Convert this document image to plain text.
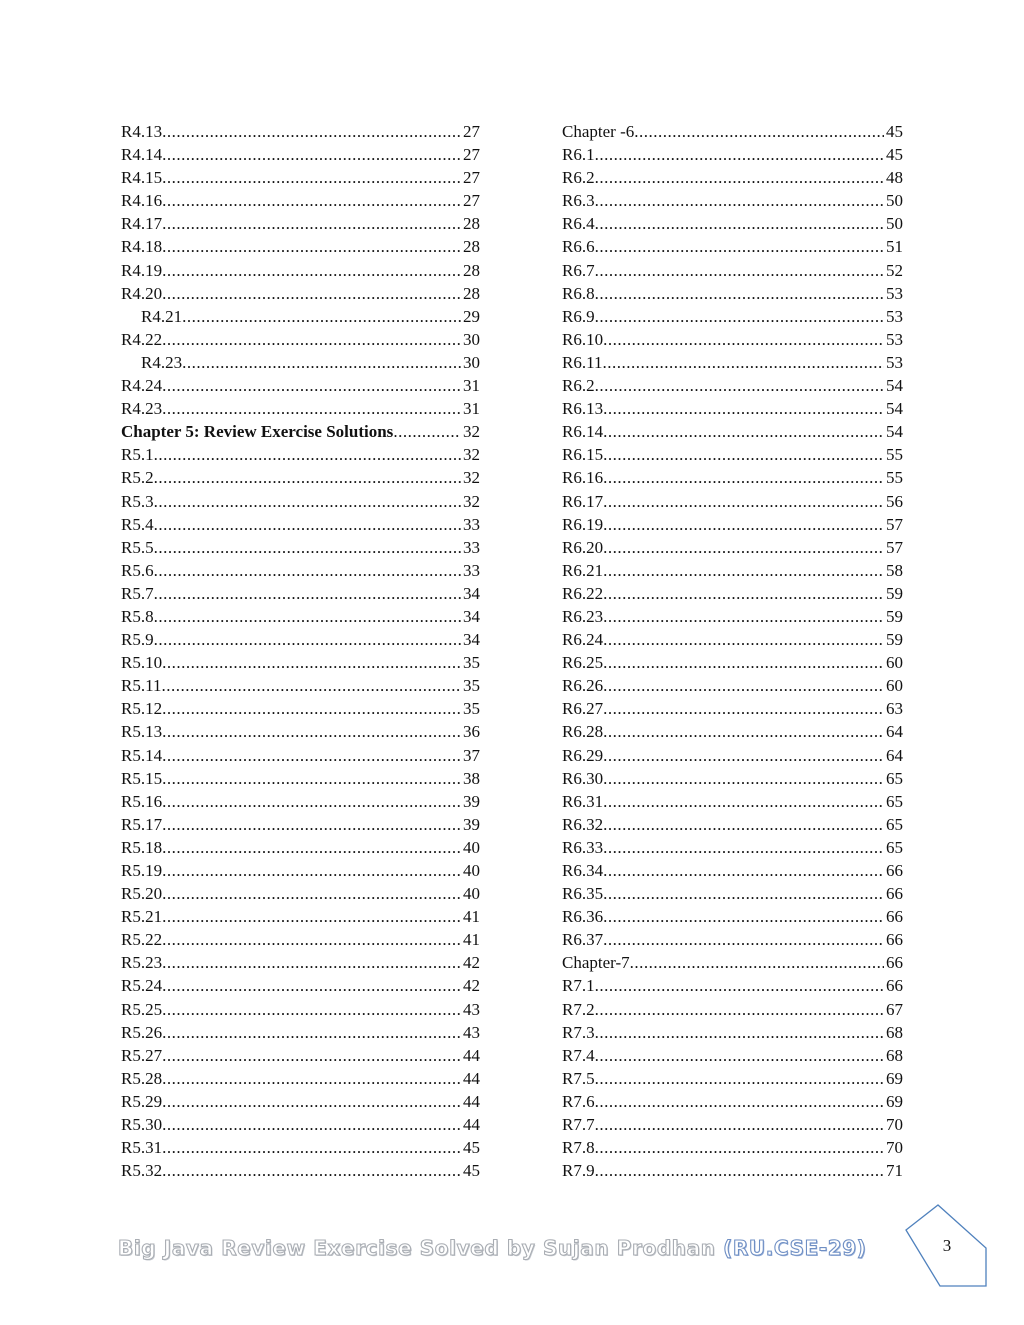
R4.13 .....	27
R4.14 .....	27
R4.15 .....	27
R4.16 .....	27
R4.17 .....	28
R4.18 .....	28
R4.19 .....	28
R4.20 .....	28
R4.21 .....	29
R4.22 .....	30
R4.23 .....	30
R4.24 .....	31
R4.23 .....	31
Chapter 5: Review Exercise Solutions .....	32
R5.1 .....	32
R5.2 .....	32
R5.3 .....	32
R5.4 .....	33
R5.5 .....	33
R5.6 .....	33
R5.7 .....	34
R5.8 .....	34
R5.9 .....	34
R5.10 .....	35
R5.11 .....	35
R5.12 .....	35
R5.13 .....	36
R5.14 .....	37
R5.15 .....	38
R5.16 .....	39
R5.17 .....	39
R5.18 .....	40
R5.19 .....	40
R5.20 .....	40
R5.21 .....	41
R5.22 .....	41
R5.23 .....	42
R5.24 .....	42
R5.25 .....	43
R5.26 .....	43
R5.27 .....	44
R5.28 .....	44
R5.29 .....	44
R5.30 .....	44
R5.31 .....	45
R5.32 .....	45
Chapter -6 .....	45
R6.1 .....	45
R6.2 .....	48
R6.3 .....	50
R6.4 .....	50
R6.6 .....	51
R6.7 .....	52
R6.8 .....	53
R6.9 .....	53
R6.10 .....	53
R6.11 .....	53
R6.2 .....	54
R6.13 .....	54
R6.14 .....	54
R6.15 .....	55
R6.16 .....	55
R6.17 .....	56
R6.19 .....	57
R6.20 .....	57
R6.21 .....	58
R6.22 .....	59
R6.23 .....	59
R6.24 .....	59
R6.25 .....	60
R6.26 .....	60
R6.27 .....	63
R6.28 .....	64
R6.29 .....	64
R6.30 .....	65
R6.31 .....	65
R6.32 .....	65
R6.33 .....	65
R6.34 .....	66
R6.35 .....	66
R6.36 .....	66
R6.37 .....	66
Chapter-7 .....	66
R7.1 .....	66
R7.2 .....	67
R7.3 .....	68
R7.4 .....	68
R7.5 .....	69
R7.6 .....	69
R7.7 .....	70
R7.8 .....	70
R7.9 .....	71
Big Java Review Exercise Solved by Sujan Prodhan (RU.CSE-29)	3
